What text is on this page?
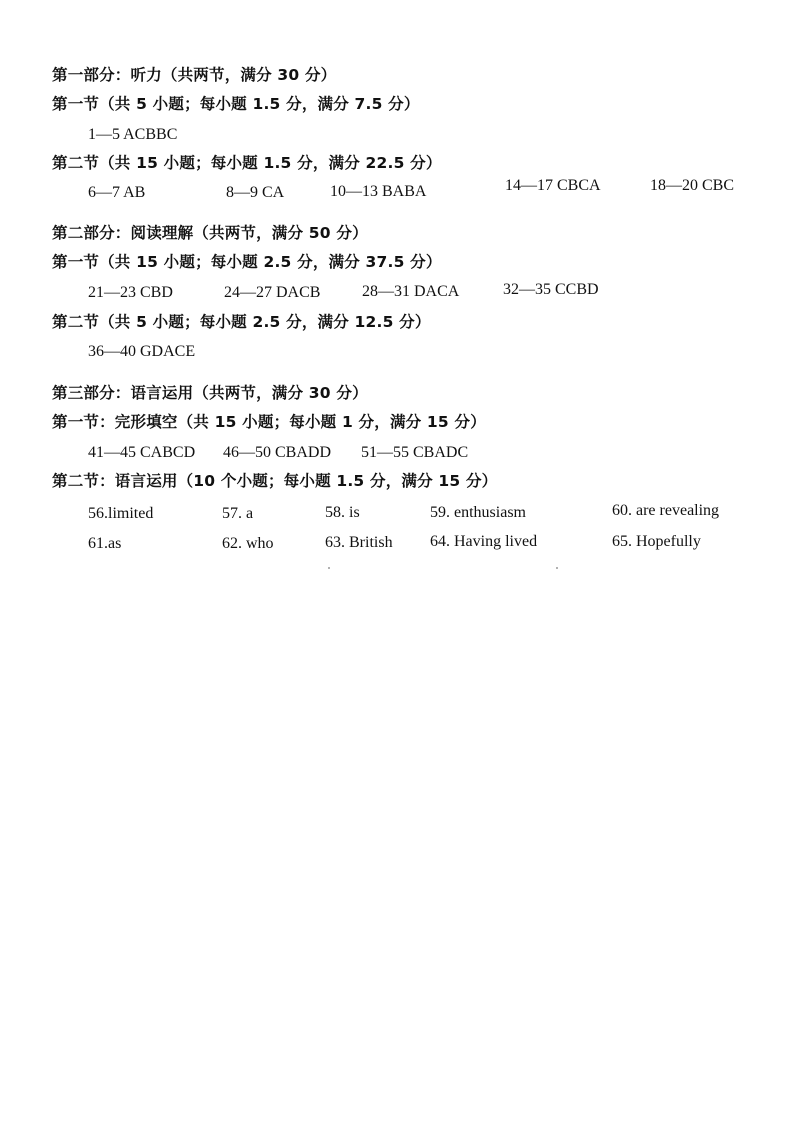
第一部分：听力（共两节，满分 30 分）
第一节（共 5 小题；每小题 1.5 分，满分 7.5 分）
1—5 ACBBC
第二节（共 15 小题；每小题 1.5 分，满分 22.5 分）
6—7 AB	8—9 CA	10—13 BABA	14—17 CBCA	18—20 CBC
第二部分：阅读理解（共两节，满分 50 分）
第一节（共 15 小题；每小题 2.5 分，满分 37.5 分）
21—23 CBD	24—27 DACB	28—31 DACA	32—35 CCBD
第二节（共 5 小题；每小题 2.5 分，满分 12.5 分）
36—40 GDACE
第三部分：语言运用（共两节，满分 30 分）
第一节：完形填空（共 15 小题；每小题 1 分，满分 15 分）
41—45 CABCD 46—50 CBADD 51—55 CBADC
第二节：语言运用（10 个小题；每小题 1.5 分，满分 15 分）
56.limited	57. a	58. is	59. enthusiasm	60. are revealing
61.as	62. who	63. British 64. Having lived	65. Hopefully
